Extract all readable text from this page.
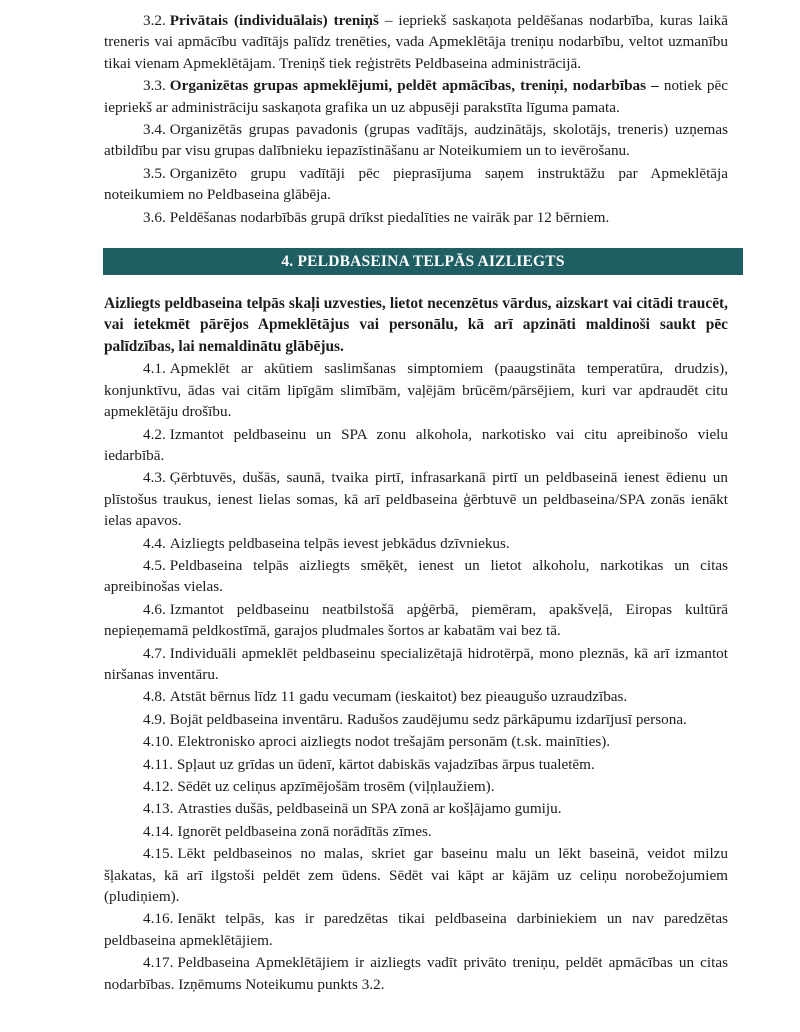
3.2. Privātais (individuālais) treniņš – iepriekš saskaņota peldēšanas nodarbība, kuras laikā treneris vai apmācību vadītājs palīdz trenēties, vada Apmeklētāja treniņu nodarbību, veltot uzmanību tikai vienam Apmeklētājam. Treniņš tiek reģistrēts Peldbaseina administrācijā.

3.3. Organizētas grupas apmeklējumi, peldēt apmācības, treniņi, nodarbības – notiek pēc iepriekš ar administrāciju saskaņota grafika un uz abpusēji parakstīta līguma pamata.

3.4. Organizētās grupas pavadonis (grupas vadītājs, audzinātājs, skolotājs, treneris) uzņemas atbildību par visu grupas dalībnieku iepazīstināšanu ar Noteikumiem un to ievērošanu.

3.5. Organizēto grupu vadītāji pēc pieprasījuma saņem instruktāžu par Apmeklētāja noteikumiem no Peldbaseina glābēja.

3.6. Peldēšanas nodarbībās grupā drīkst piedalīties ne vairāk par 12 bērniem.

4. PELDBASEINA TELPĀS AIZLIEGTS

Aizliegts peldbaseina telpās skaļi uzvesties, lietot necenzētus vārdus, aizskart vai citādi traucēt, vai ietekmēt pārējos Apmeklētājus vai personālu, kā arī apzināti maldinoši saukt pēc palīdzības, lai nemaldinātu glābējus.

4.1. Apmeklēt ar akūtiem saslimšanas simptomiem (paaugstināta temperatūra, drudzis), konjunktīvu, ādas vai citām lipīgām slimībām, vaļējām brūcēm/pārsējiem, kuri var apdraudēt citu apmeklētāju drošību.

4.2. Izmantot peldbaseinu un SPA zonu alkohola, narkotisko vai citu apreibinošo vielu iedarbībā.

4.3. Ģērbtuvēs, dušās, saunā, tvaika pirtī, infrasarkanā pirtī un peldbaseinā ienest ēdienu un plīstošus traukus, ienest lielas somas, kā arī peldbaseina ģērbtuvē un peldbaseina/SPA zonās ienākt ielas apavos.

4.4. Aizliegts peldbaseina telpās ievest jebkādus dzīvniekus.

4.5. Peldbaseina telpās aizliegts smēķēt, ienest un lietot alkoholu, narkotikas un citas apreibinošas vielas.

4.6. Izmantot peldbaseinu neatbilstošā apģērbā, piemēram, apakšveļā, Eiropas kultūrā nepieņemamā peldkostīmā, garajos pludmales šortos ar kabatām vai bez tā.

4.7. Individuāli apmeklēt peldbaseinu specializētajā hidrotērpā, mono pleznās, kā arī izmantot niršanas inventāru.

4.8. Atstāt bērnus līdz 11 gadu vecumam (ieskaitot) bez pieaugušo uzraudzības.

4.9. Bojāt peldbaseina inventāru. Radušos zaudējumu sedz pārkāpumu izdarījusī persona.

4.10. Elektronisko aproci aizliegts nodot trešajām personām (t.sk. mainīties).

4.11. Spļaut uz grīdas un ūdenī, kārtot dabiskās vajadzības ārpus tualetēm.

4.12. Sēdēt uz celiņus apzīmējošām trosēm (viļņlaužiem).

4.13. Atrasties dušās, peldbaseinā un SPA zonā ar košļājamo gumiju.

4.14. Ignorēt peldbaseina zonā norādītās zīmes.

4.15. Lēkt peldbaseinos no malas, skriet gar baseinu malu un lēkt baseinā, veidot milzu šļakatas, kā arī ilgstoši peldēt zem ūdens. Sēdēt vai kāpt ar kājām uz celiņu norobežojumiem (pludiņiem).

4.16. Ienākt telpās, kas ir paredzētas tikai peldbaseina darbiniekiem un nav paredzētas peldbaseina apmeklētājiem.

4.17. Peldbaseina Apmeklētājiem ir aizliegts vadīt privāto treniņu, peldēt apmācības un citas nodarbības. Izņēmums Noteikumu punkts 3.2.
